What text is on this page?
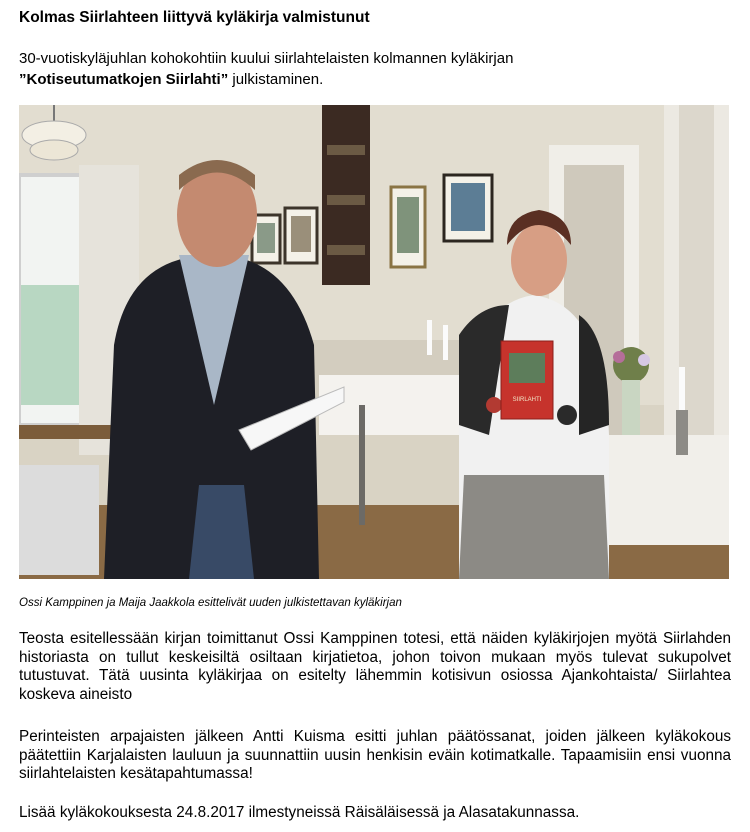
Kolmas Siirlahteen liittyvä kyläkirja valmistunut

30-vuotiskyläjuhlan kohokohtiin kuului siirlahtelaisten kolmannen kyläkirjan
”Kotiseutumatkojen Siirlahti” julkistaminen.

SIIRLAHTI

Ossi Kamppinen ja Maija Jaakkola esittelivät uuden julkistettavan kyläkirjan

Teosta esitellessään kirjan toimittanut Ossi Kamppinen totesi, että näiden kyläkirjojen myötä Siirlahden historiasta on tullut keskeisiltä osiltaan kirjatietoa, johon toivon mukaan myös tulevat sukupolvet tutustuvat. Tätä uusinta kyläkirjaa on esitelty lähemmin kotisivun osiossa Ajankohtaista/ Siirlahtea koskeva aineisto

Perinteisten arpajaisten jälkeen Antti Kuisma esitti juhlan päätössanat, joiden jälkeen kyläkokous päätettiin Karjalaisten lauluun ja suunnattiin uusin henkisin eväin kotimatkalle. Tapaamisiin ensi vuonna siirlahtelaisten kesätapahtumassa!

Lisää kyläkokouksesta 24.8.2017 ilmestyneissä Räisäläisessä ja Alasatakunnassa.
